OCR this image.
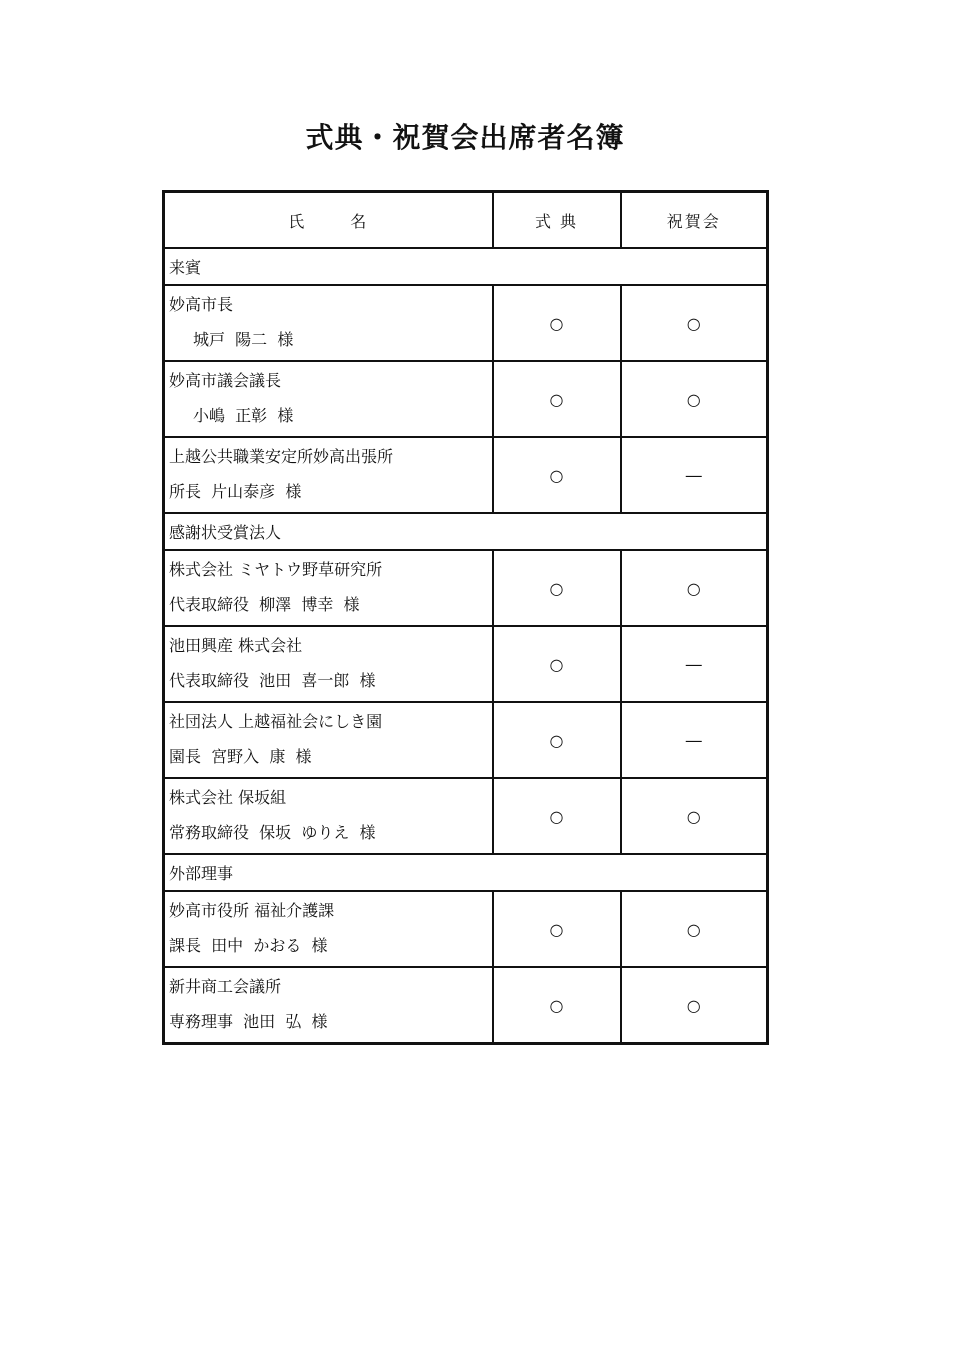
式典・祝賀会出席者名簿
氏 名	式 典	祝賀会
来賓		

妙高市長
城戸  陽二  様	○	○

妙高市議会議長
小嶋  正彰  様	○	○

上越公共職業安定所妙高出張所
所長  片山泰彦  様	○	―
感謝状受賞法人		

株式会社 ミヤトウ野草研究所
代表取締役  柳澤  博幸  様	○	○

池田興産 株式会社
代表取締役  池田  喜一郎  様	○	―

社団法人 上越福祉会にしき園
園長  宮野入  康  様	○	―

株式会社 保坂組
常務取締役  保坂  ゆりえ  様	○	○
外部理事		

妙高市役所 福祉介護課
課長  田中  かおる  様	○	○

新井商工会議所
専務理事  池田  弘  様	○	○
